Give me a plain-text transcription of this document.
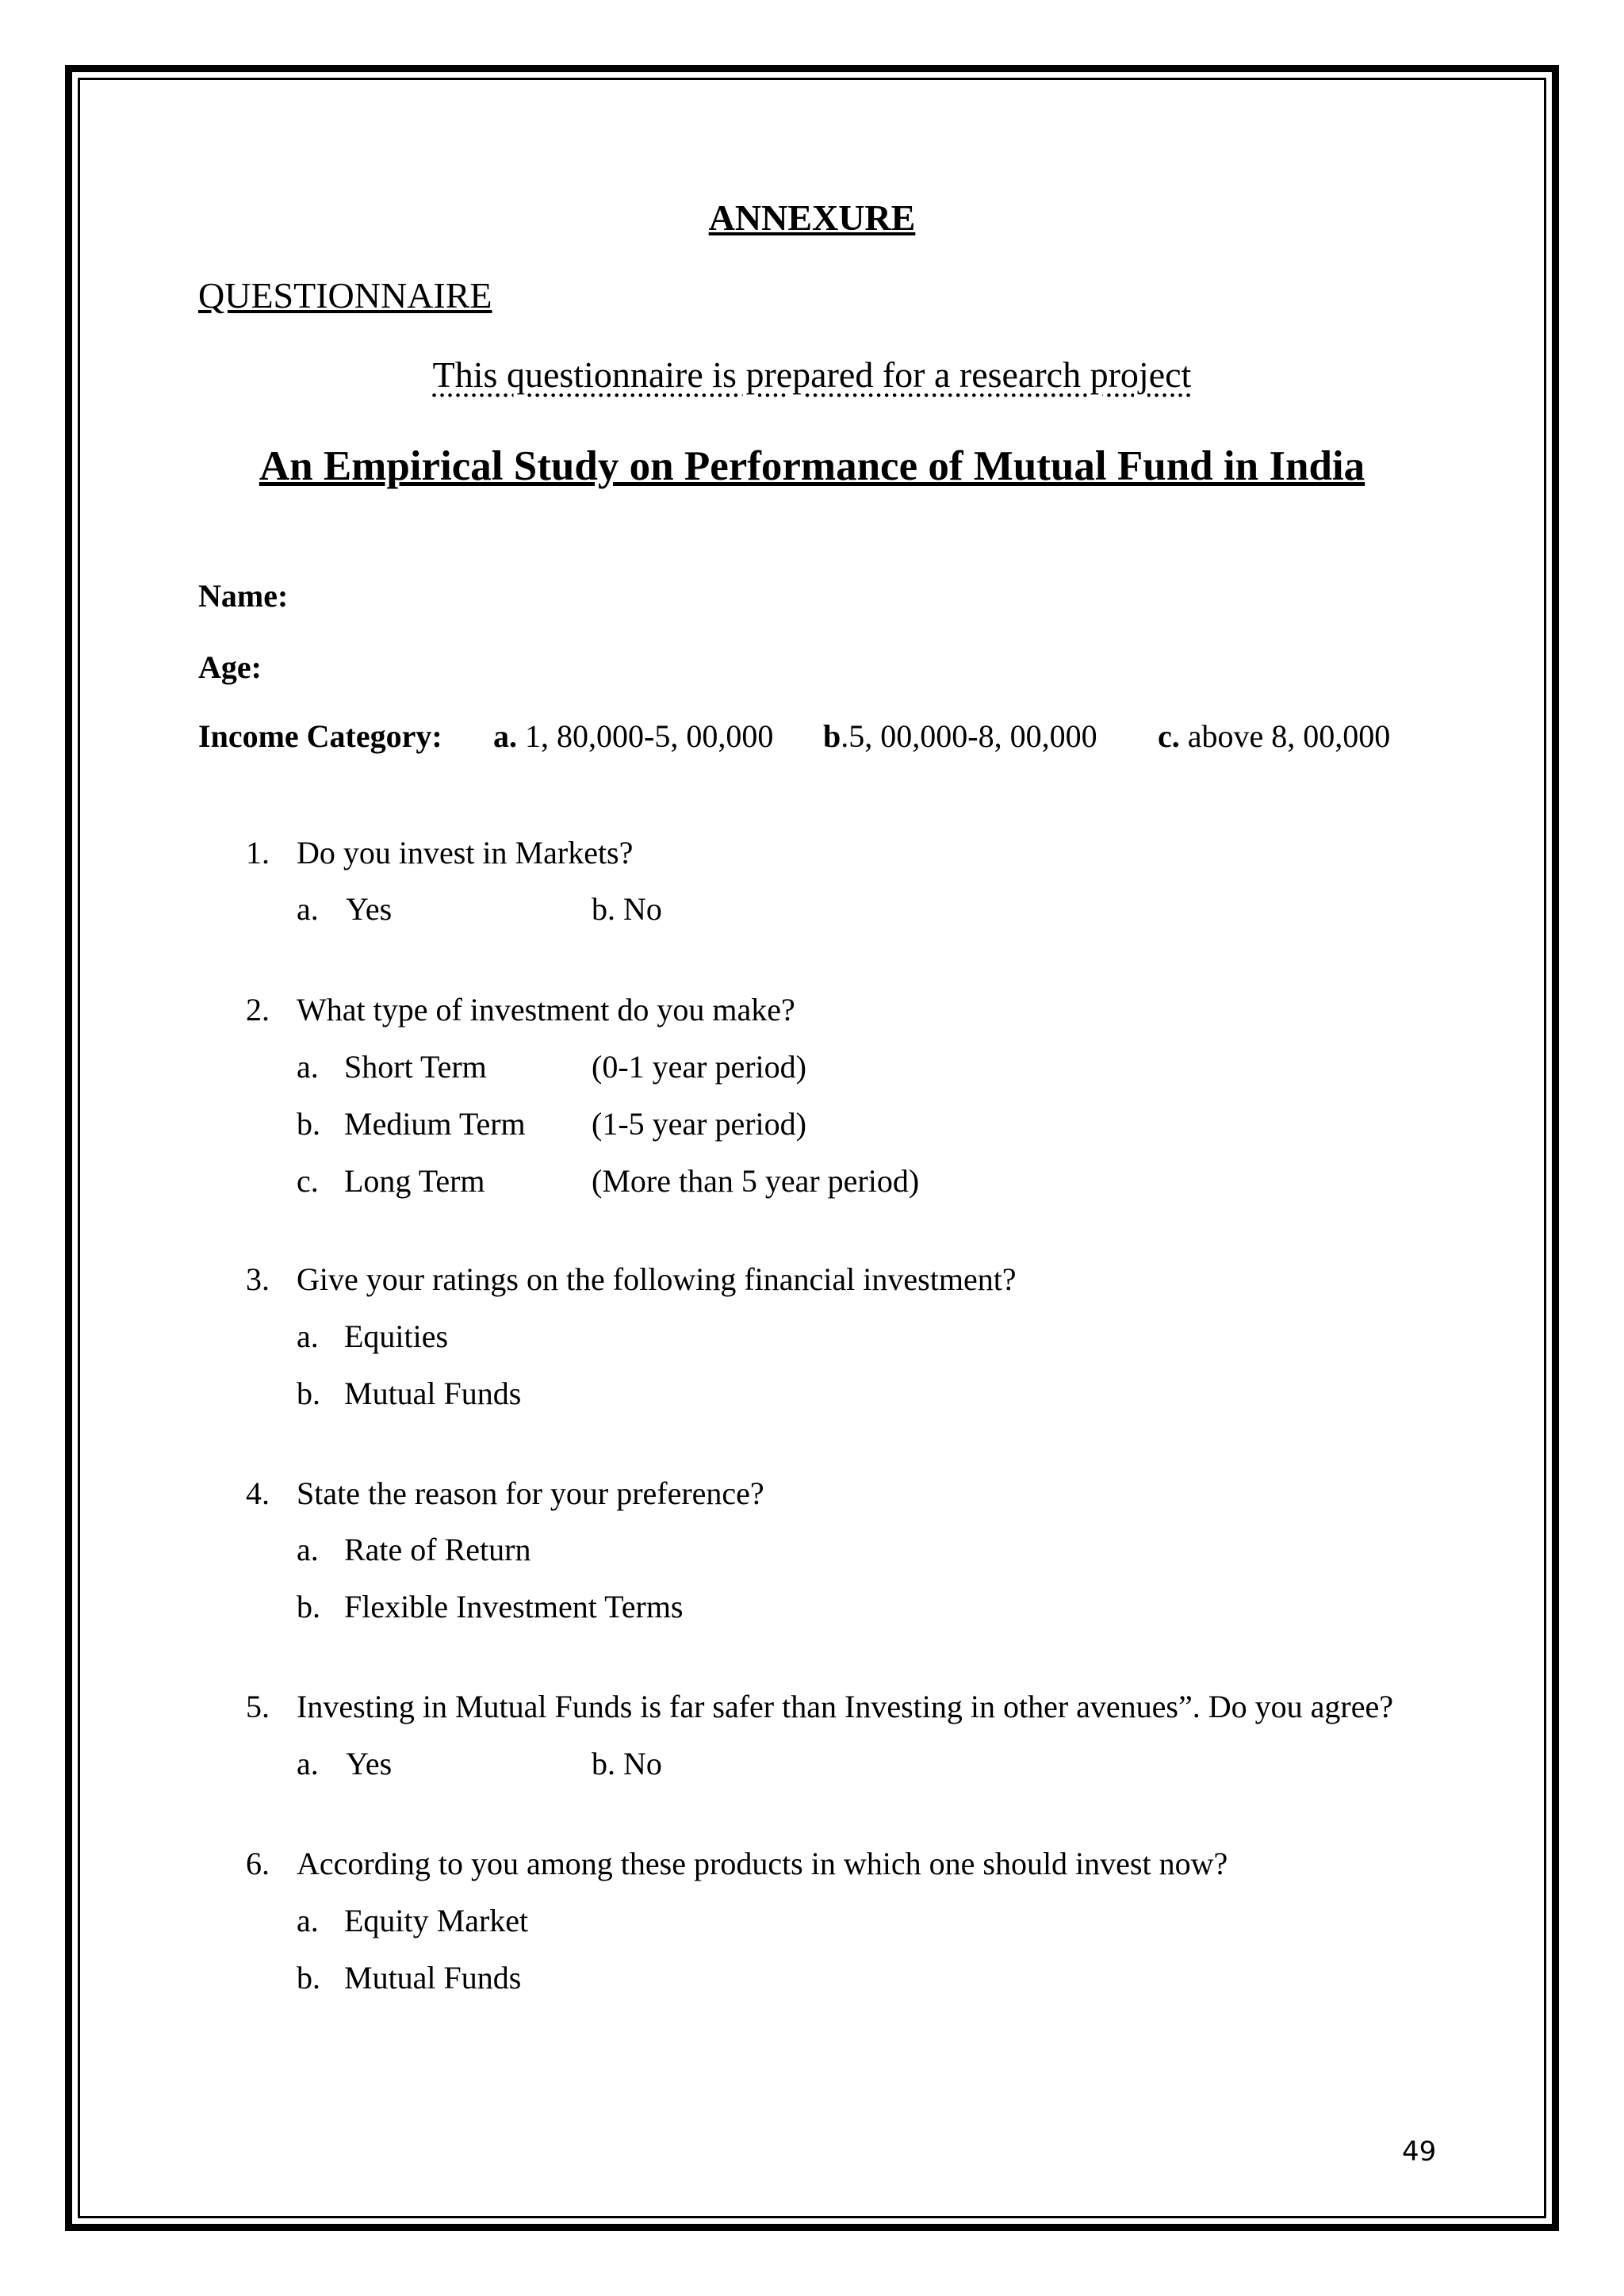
ANNEXURE
QUESTIONNAIRE
This questionnaire is prepared for a research project
An Empirical Study on Performance of Mutual Fund in India
Name:
Age:
Income Category: a. 1, 80,000-5, 00,000 b.5, 00,000-8, 00,000 c. above 8, 00,000
1. Do you invest in Markets?
a. Yes	b. No
2. What type of investment do you make?
a. Short Term	(0-1 year period)
b. Medium Term (1-5 year period)
c. Long Term	(More than 5 year period)
3. Give your ratings on the following financial investment?
a. Equities
b. Mutual Funds
4. State the reason for your preference?
a. Rate of Return
b. Flexible Investment Terms
5. Investing in Mutual Funds is far safer than Investing in other avenues”. Do you agree?
a. Yes	b. No
6. According to you among these products in which one should invest now?
a. Equity Market
b. Mutual Funds
49
